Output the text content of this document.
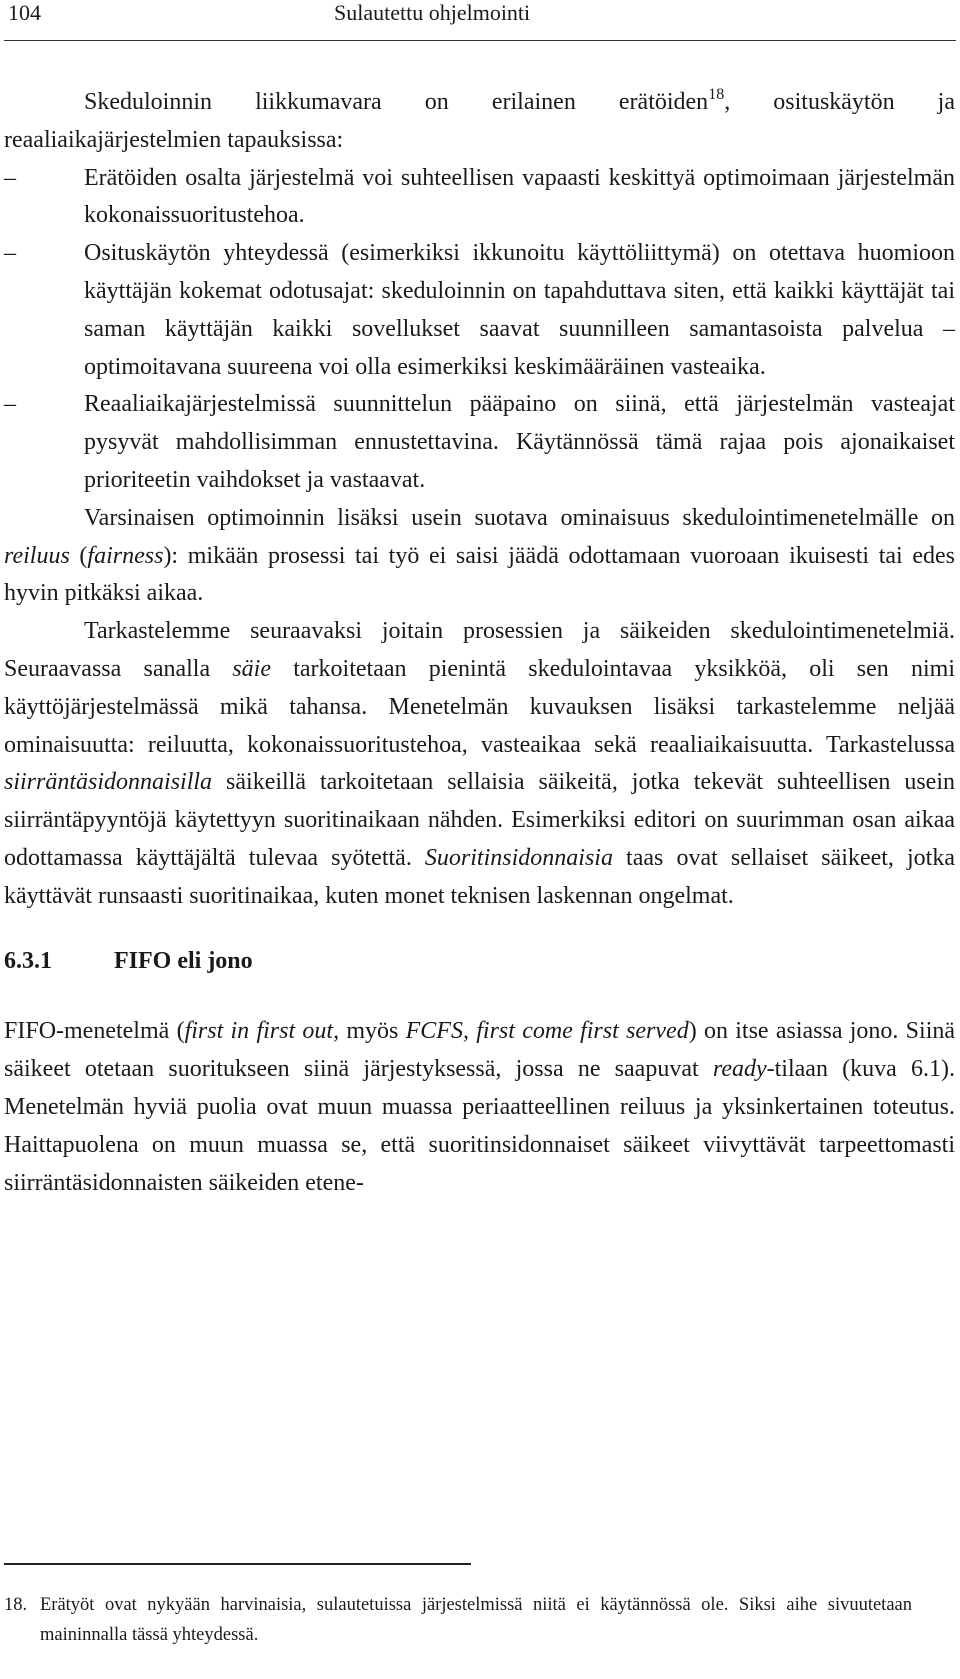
104	Sulautettu ohjelmointi

Skeduloinnin liikkumavara on erilainen erätöiden$^{18}$, osituskäytön ja reaaliaikajärjestelmien tapauksissa:

–	Erätöiden osalta järjestelmä voi suhteellisen vapaasti keskittyä optimoimaan järjestelmän kokonaissuoritustehoa.
–	Osituskäytön yhteydessä (esimerkiksi ikkunoitu käyttöliittymä) on otettava huomioon käyttäjän kokemat odotusajat: skeduloinnin on tapahduttava siten, että kaikki käyttäjät tai saman käyttäjän kaikki sovellukset saavat suunnilleen samantasoista palvelua – optimoitavana suureena voi olla esimerkiksi keskimääräinen vasteaika.
–	Reaaliaikajärjestelmissä suunnittelun pääpaino on siinä, että järjestelmän vasteajat pysyvät mahdollisimman ennustettavina. Käytännössä tämä rajaa pois ajonaikaiset prioriteetin vaihdokset ja vastaavat.

Varsinaisen optimoinnin lisäksi usein suotava ominaisuus skedulointimenetelmälle on reiluus (fairness): mikään prosessi tai työ ei saisi jäädä odottamaan vuoroaan ikuisesti tai edes hyvin pitkäksi aikaa.

Tarkastelemme seuraavaksi joitain prosessien ja säikeiden skedulointimenetelmiä. Seuraavassa sanalla säie tarkoitetaan pienintä skedulointavaa yksikköä, oli sen nimi käyttöjärjestelmässä mikä tahansa. Menetelmän kuvauksen lisäksi tarkastelemme neljää ominaisuutta: reiluutta, kokonaissuoritustehoa, vasteaikaa sekä reaaliaikaisuutta. Tarkastelussa siirräntäsidonnaisilla säikeillä tarkoitetaan sellaisia säikeitä, jotka tekevät suhteellisen usein siirräntäpyyntöjä käytettyyn suoritinaikaan nähden. Esimerkiksi editori on suurimman osan aikaa odottamassa käyttäjältä tulevaa syötettä. Suoritinsidonnaisia taas ovat sellaiset säikeet, jotka käyttävät runsaasti suoritinaikaa, kuten monet teknisen laskennan ongelmat.

6.3.1	FIFO eli jono

FIFO-menetelmä (first in first out, myös FCFS, first come first served) on itse asiassa jono. Siinä säikeet otetaan suoritukseen siinä järjestyksessä, jossa ne saapuvat ready-tilaan (kuva 6.1). Menetelmän hyviä puolia ovat muun muassa periaatteellinen reiluus ja yksinkertainen toteutus. Haittapuolena on muun muassa se, että suoritinsidonnaiset säikeet viivyttävät tarpeettomasti siirräntäsidonnaisten säikeiden etene-

18. Erätyöt ovat nykyään harvinaisia, sulautetuissa järjestelmissä niitä ei käytännössä ole. Siksi aihe sivuutetaan maininnalla tässä yhteydessä.
